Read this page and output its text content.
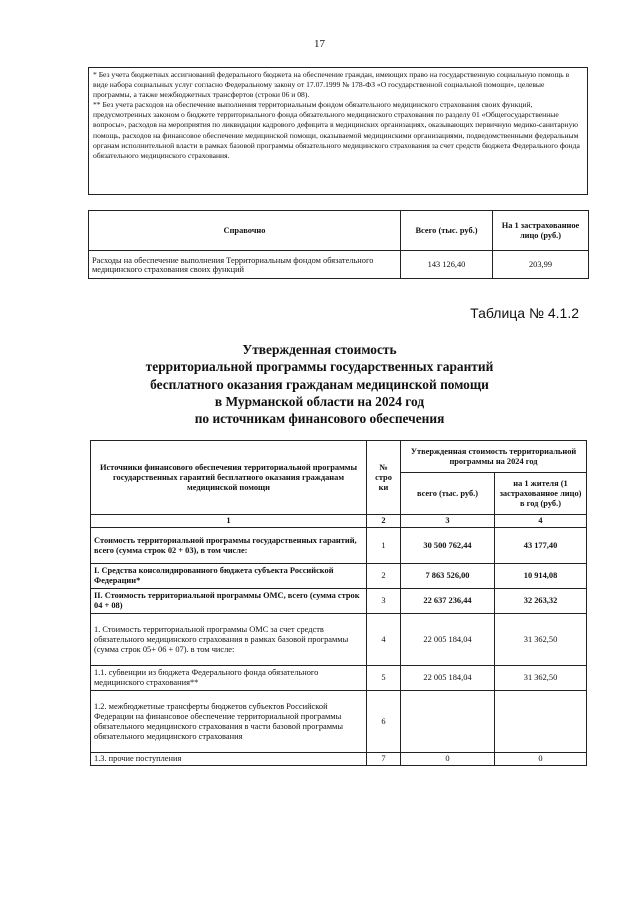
17

* Без учета бюджетных ассигнований федерального бюджета на обеспечение граждан, имеющих право на государственную социальную помощь в виде набора социальных услуг согласно Федеральному закону от 17.07.1999 № 178-ФЗ «О государственной социальной помощи», целевые программы, а также межбюджетных трансфертов (строки 06 и 08).

** Без учета расходов на обеспечение выполнения территориальным фондом обязательного медицинского страхования своих функций, предусмотренных законом о бюджете территориального фонда обязательного медицинского страхования по разделу 01 «Общегосударственные вопросы», расходов на мероприятия по ликвидации кадрового дефицита в медицинских организациях, оказывающих первичную медико-санитарную помощь, расходов на финансовое обеспечение медицинской помощи, оказываемой медицинскими организациями, подведомственными федеральным органам исполнительной власти в рамках базовой программы обязательного медицинского страхования за счет средств бюджета Федерального фонда обязательного медицинского страхования.

Справочно	Всего (тыс. руб.)	На 1 застрахованное лицо (руб.)
Расходы на обеспечение выполнения Территориальным фондом обязательного медицинского страхования своих функций	143 126,40	203,99
Таблица № 4.1.2
Утвержденная стоимость
территориальной программы государственных гарантий
бесплатного оказания гражданам медицинской помощи
в Мурманской области на 2024 год
по источникам финансового обеспечения
Источники финансового обеспечения территориальной программы государственных гарантий бесплатного оказания гражданам медицинской помощи	№ стро ки	Утвержденная стоимость территориальной программы на 2024 год	
		всего (тыс. руб.)	на 1 жителя (1 застрахованное лицо) в год (руб.)
1	2	3	4
Стоимость территориальной программы государственных гарантий, всего (сумма строк 02 + 03), в том числе:	1	30 500 762,44	43 177,40
I. Средства консолидированного бюджета субъекта Российской Федерации*	2	7 863 526,00	10 914,08
II. Стоимость территориальной программы ОМС, всего (сумма строк 04 + 08)	3	22 637 236,44	32 263,32
1. Стоимость территориальной программы ОМС за счет средств обязательного медицинского страхования в рамках базовой программы (сумма строк 05+ 06 + 07). в том числе:	4	22 005 184,04	31 362,50
1.1. субвенции из бюджета Федерального фонда обязательного медицинского страхования**	5	22 005 184,04	31 362,50
1.2. межбюджетные трансферты бюджетов субъектов Российской Федерации на финансовое обеспечение территориальной программы обязательного медицинского страхования в части базовой программы обязательного медицинского страхования	6		
1.3. прочие поступления	7	0	0
